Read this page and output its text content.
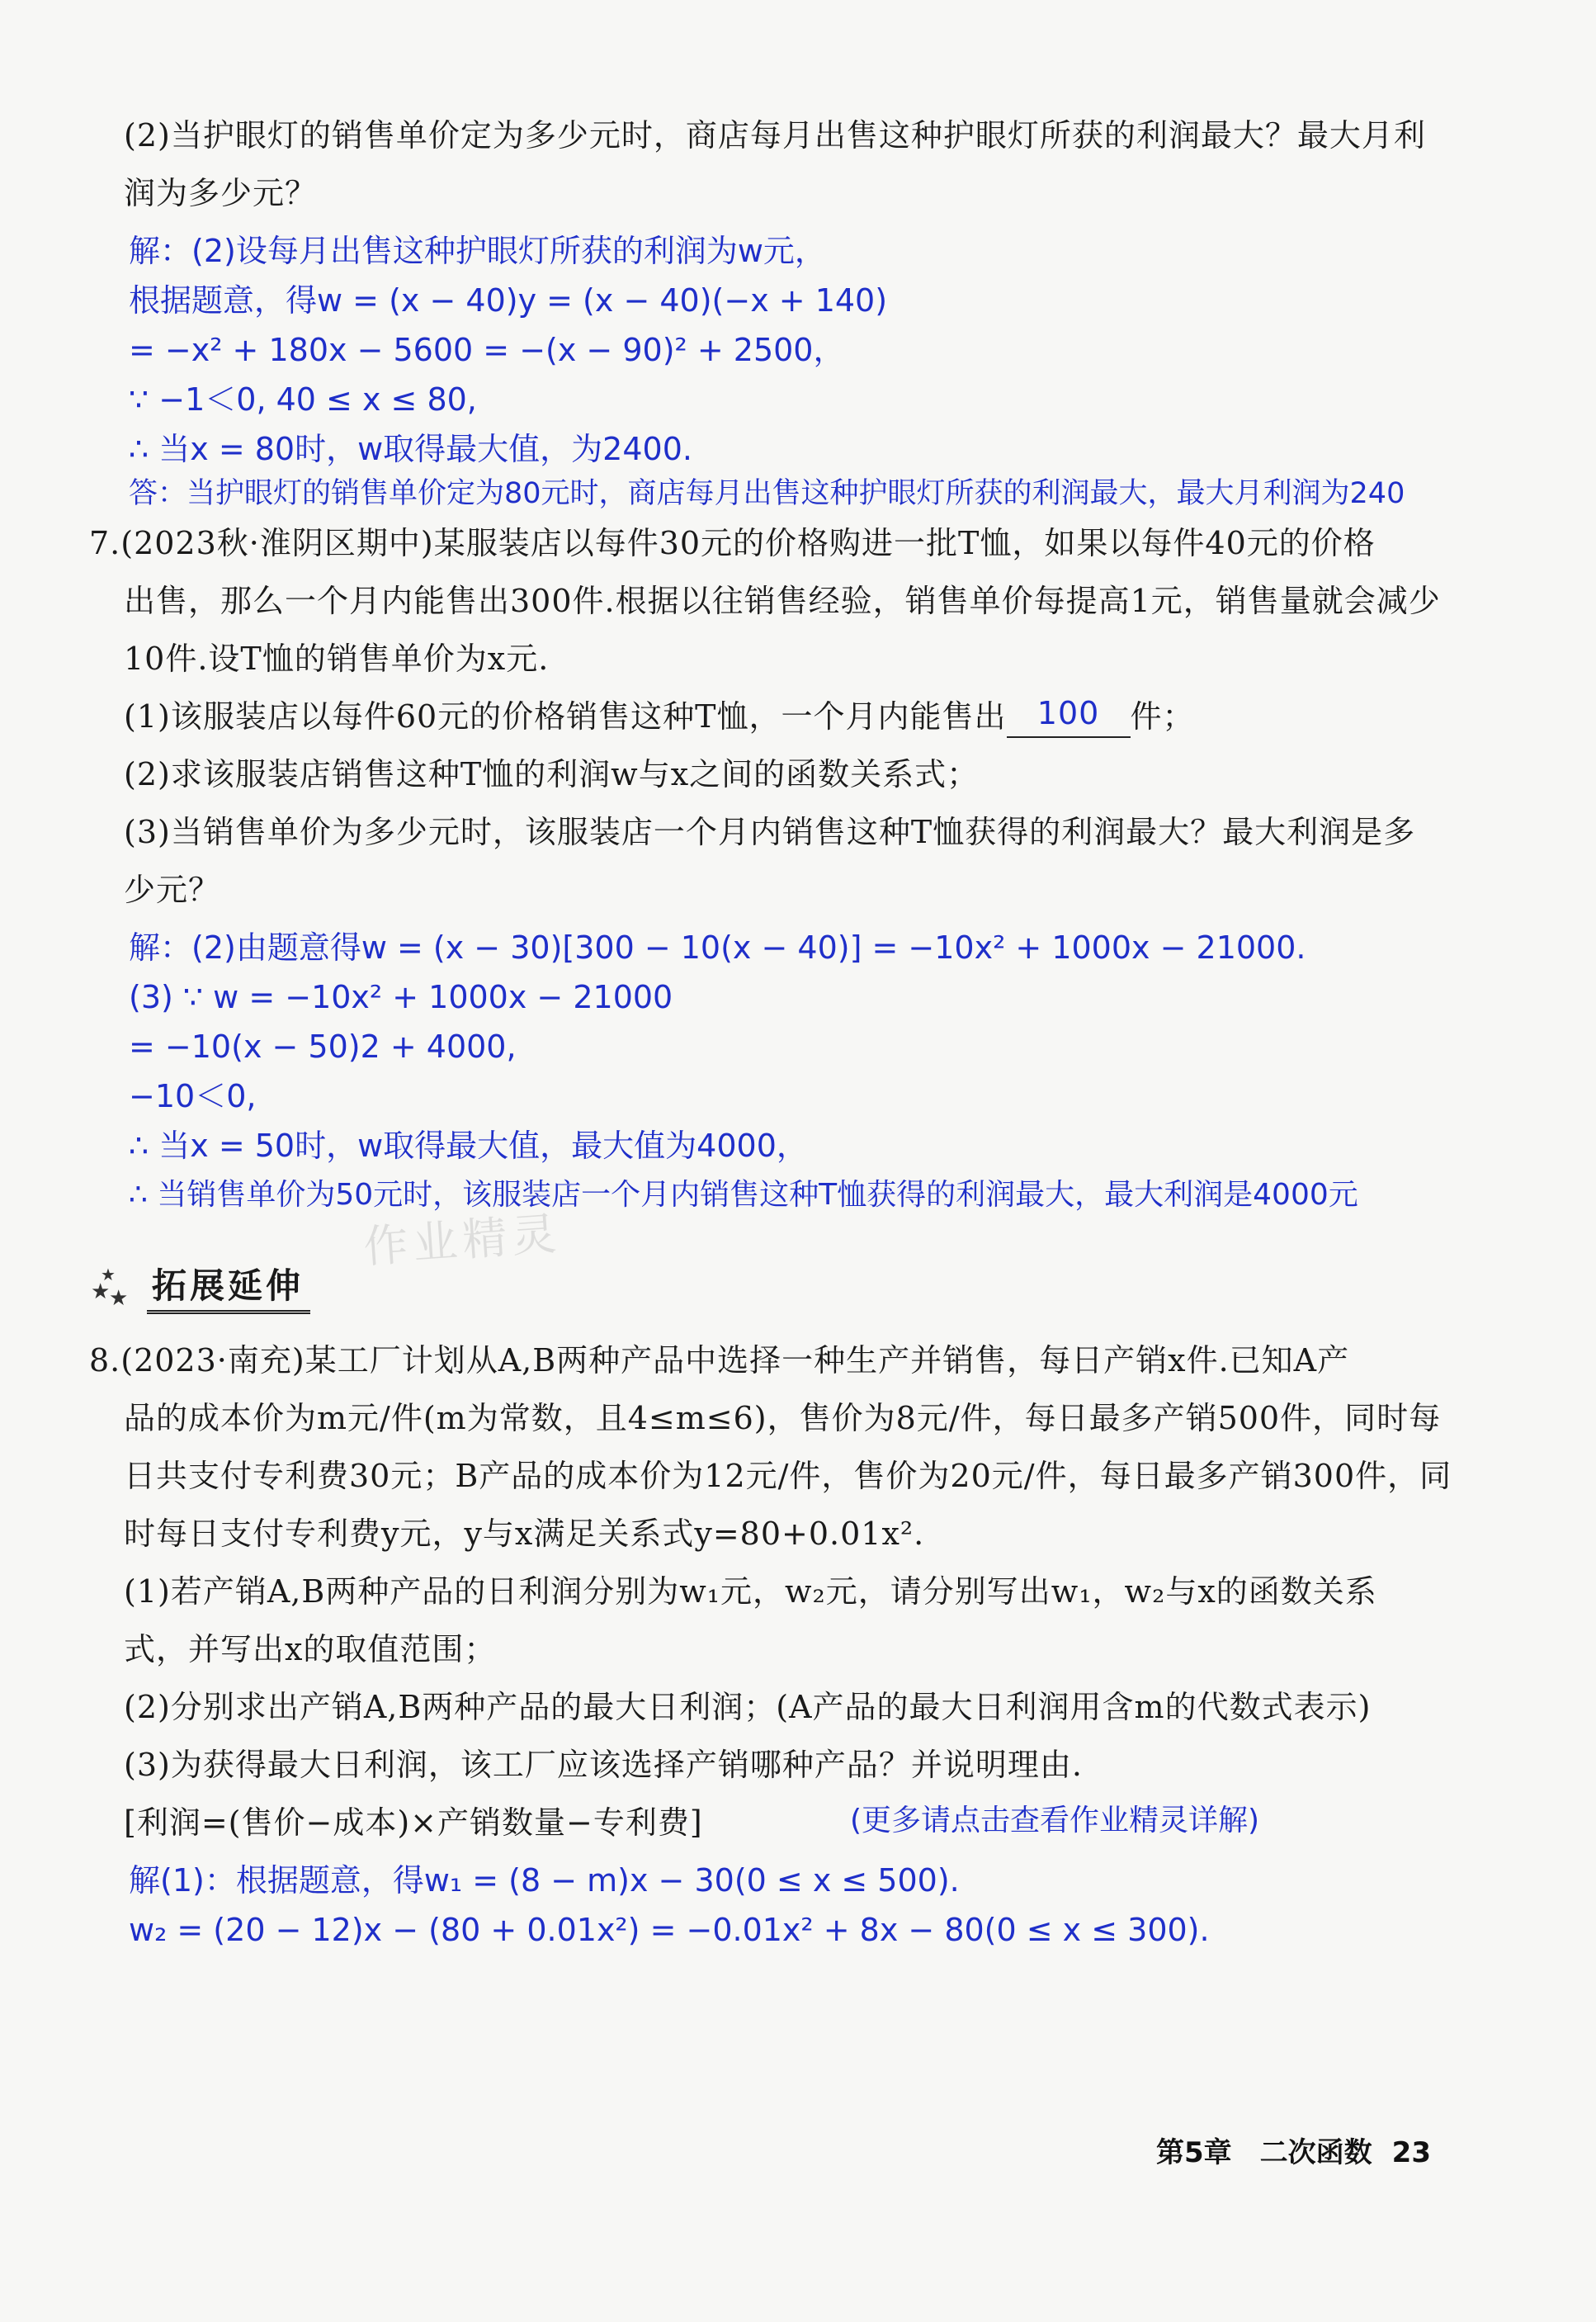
(2)当护眼灯的销售单价定为多少元时，商店每月出售这种护眼灯所获的利润最大？最大月利
润为多少元？
解：(2)设每月出售这种护眼灯所获的利润为w元，
根据题意，得w = (x − 40)y = (x − 40)(−x + 140)
= −x² + 180x − 5600 = −(x − 90)² + 2500，
∵ −1＜0, 40 ≤ x ≤ 80,
∴ 当x = 80时，w取得最大值，为2400.
答：当护眼灯的销售单价定为80元时，商店每月出售这种护眼灯所获的利润最大，最大月利润为240
7.(2023秋·淮阴区期中)某服装店以每件30元的价格购进一批T恤，如果以每件40元的价格
出售，那么一个月内能售出300件.根据以往销售经验，销售单价每提高1元，销售量就会减少
10件.设T恤的销售单价为x元.
(1)该服装店以每件60元的价格销售这种T恤，一个月内能售出 100 件；
(2)求该服装店销售这种T恤的利润w与x之间的函数关系式；
(3)当销售单价为多少元时，该服装店一个月内销售这种T恤获得的利润最大？最大利润是多
少元？
解：(2)由题意得w = (x − 30)[300 − 10(x − 40)] = −10x² + 1000x − 21000.
(3) ∵ w = −10x² + 1000x − 21000
= −10(x − 50)2 + 4000,
−10＜0,
∴ 当x = 50时，w取得最大值，最大值为4000，
∴ 当销售单价为50元时，该服装店一个月内销售这种T恤获得的利润最大，最大利润是4000元
作业精灵
★
★
★ 拓展延伸
8.(2023·南充)某工厂计划从A,B两种产品中选择一种生产并销售，每日产销x件.已知A产
品的成本价为m元/件(m为常数，且4≤m≤6)，售价为8元/件，每日最多产销500件，同时每
日共支付专利费30元；B产品的成本价为12元/件，售价为20元/件，每日最多产销300件，同
时每日支付专利费y元，y与x满足关系式y=80+0.01x².
(1)若产销A,B两种产品的日利润分别为w₁元，w₂元，请分别写出w₁，w₂与x的函数关系
式，并写出x的取值范围；
(2)分别求出产销A,B两种产品的最大日利润；(A产品的最大日利润用含m的代数式表示)
(3)为获得最大日利润，该工厂应该选择产销哪种产品？并说明理由.
[利润=(售价−成本)×产销数量−专利费]	(更多请点击查看作业精灵详解)
解(1)：根据题意，得w₁ = (8 − m)x − 30(0 ≤ x ≤ 500).
w₂ = (20 − 12)x − (80 + 0.01x²) = −0.01x² + 8x − 80(0 ≤ x ≤ 300).
第5章　二次函数 23
